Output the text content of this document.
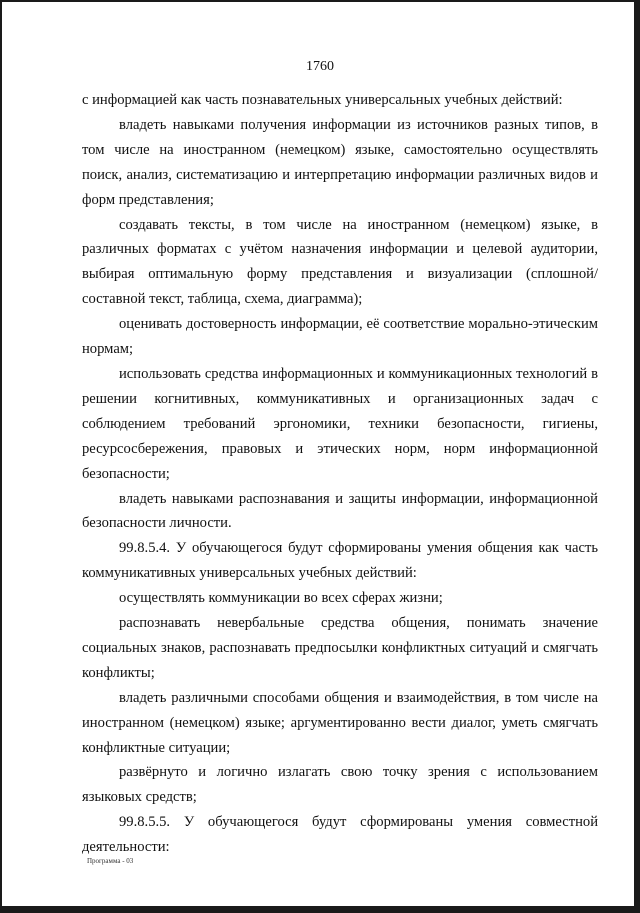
1760

с информацией как часть познавательных универсальных учебных действий:

владеть навыками получения информации из источников разных типов, в том числе на иностранном (немецком) языке, самостоятельно осуществлять поиск, анализ, систематизацию и интерпретацию информации различных видов и форм представления;

создавать тексты, в том числе на иностранном (немецком) языке, в различных форматах с учётом назначения информации и целевой аудитории, выбирая оптимальную форму представления и визуализации (сплошной/составной текст, таблица, схема, диаграмма);

оценивать достоверность информации, её соответствие морально-этическим нормам;

использовать средства информационных и коммуникационных технологий в решении когнитивных, коммуникативных и организационных задач с соблюдением требований эргономики, техники безопасности, гигиены, ресурсосбережения, правовых и этических норм, норм информационной безопасности;

владеть навыками распознавания и защиты информации, информационной безопасности личности.

99.8.5.4. У обучающегося будут сформированы умения общения как часть коммуникативных универсальных учебных действий:

осуществлять коммуникации во всех сферах жизни;

распознавать невербальные средства общения, понимать значение социальных знаков, распознавать предпосылки конфликтных ситуаций и смягчать конфликты;

владеть различными способами общения и взаимодействия, в том числе на иностранном (немецком) языке; аргументированно вести диалог, уметь смягчать конфликтные ситуации;

развёрнуто и логично излагать свою точку зрения с использованием языковых средств;

99.8.5.5. У обучающегося будут сформированы умения совместной деятельности:

Программа - 03
